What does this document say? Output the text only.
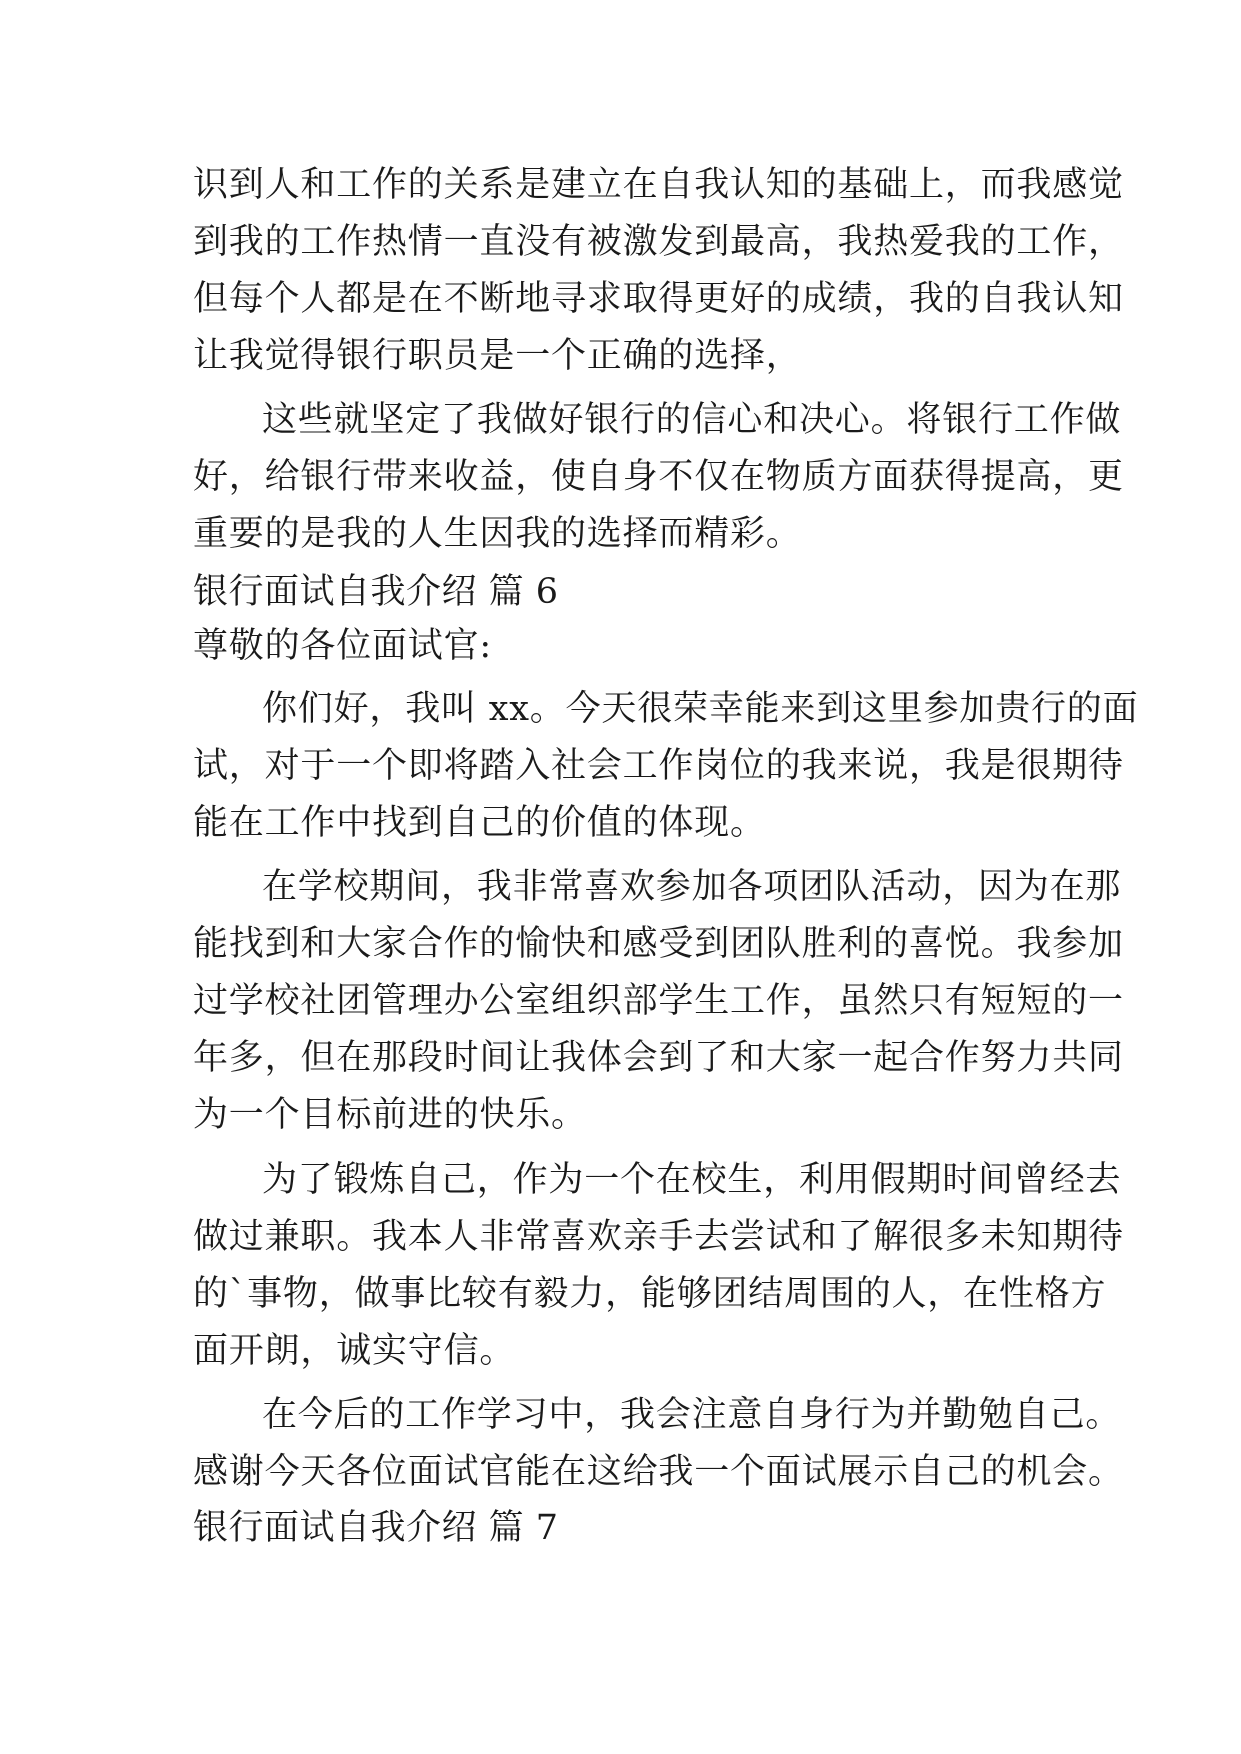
识到人和工作的关系是建立在自我认知的基础上，而我感觉
到我的工作热情一直没有被激发到最高，我热爱我的工作，
但每个人都是在不断地寻求取得更好的成绩，我的自我认知
让我觉得银行职员是一个正确的选择，
这些就坚定了我做好银行的信心和决心。将银行工作做
好，给银行带来收益，使自身不仅在物质方面获得提高，更
重要的是我的人生因我的选择而精彩。
银行面试自我介绍 篇 6
尊敬的各位面试官:
你们好，我叫 xx。今天很荣幸能来到这里参加贵行的面
试，对于一个即将踏入社会工作岗位的我来说，我是很期待
能在工作中找到自己的价值的体现。
在学校期间，我非常喜欢参加各项团队活动，因为在那
能找到和大家合作的愉快和感受到团队胜利的喜悦。我参加
过学校社团管理办公室组织部学生工作，虽然只有短短的一
年多，但在那段时间让我体会到了和大家一起合作努力共同
为一个目标前进的快乐。
为了锻炼自己，作为一个在校生，利用假期时间曾经去
做过兼职。我本人非常喜欢亲手去尝试和了解很多未知期待
的`事物，做事比较有毅力，能够团结周围的人，在性格方
面开朗，诚实守信。
在今后的工作学习中，我会注意自身行为并勤勉自己。
感谢今天各位面试官能在这给我一个面试展示自己的机会。
银行面试自我介绍 篇 7
